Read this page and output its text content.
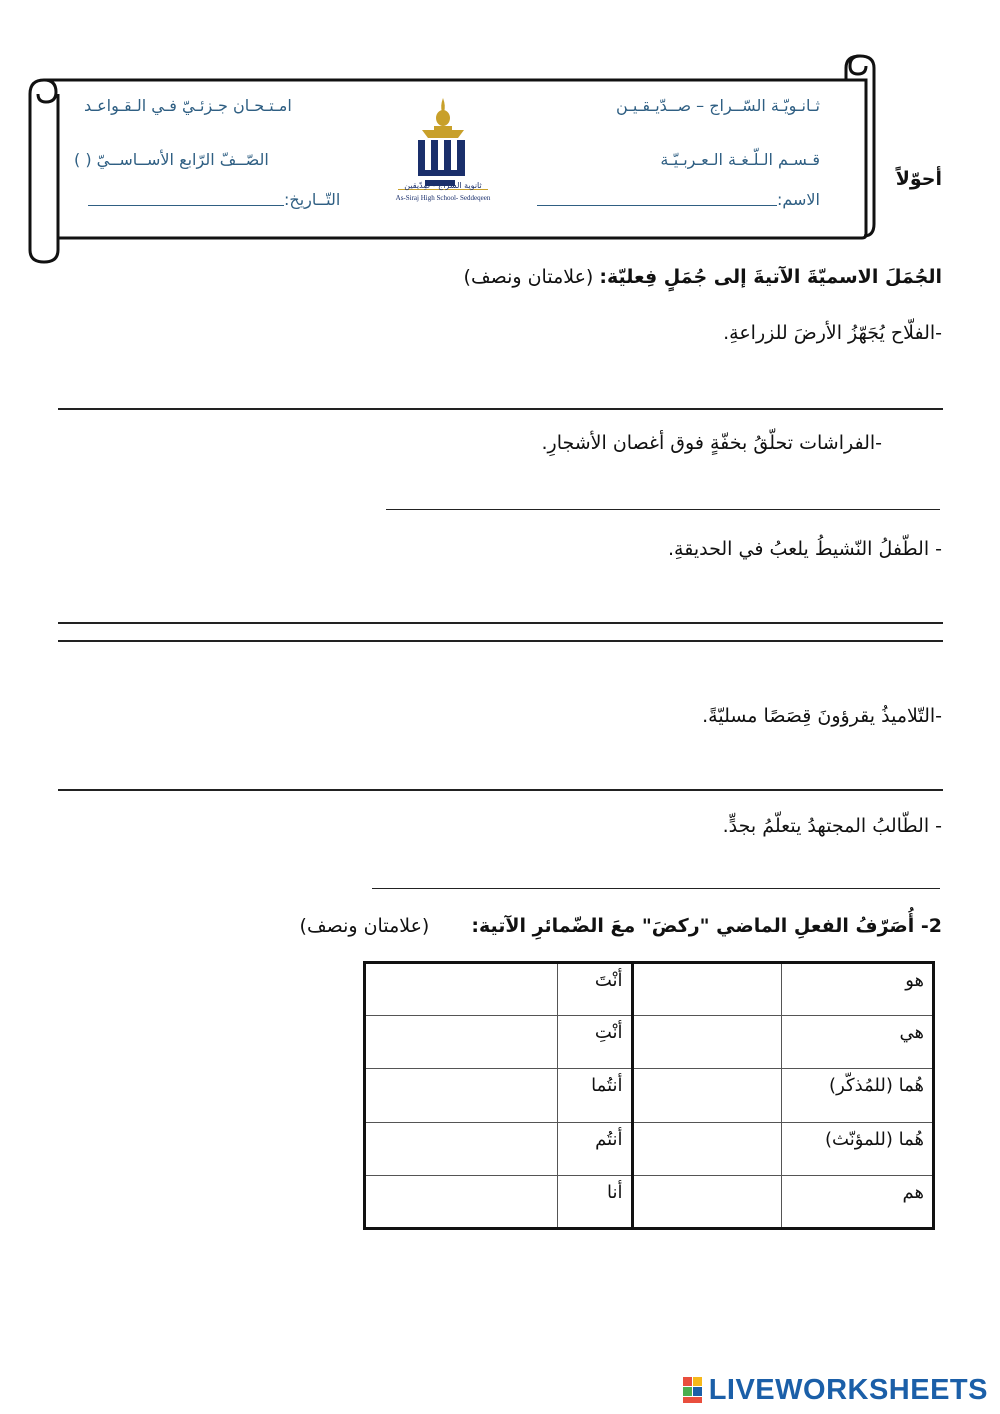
ثـانـويّـة السّــراج – صــدّيـقـيـن
قـسـم الـلّـغـة الـعـربـيّـة
الاسم:
امـتـحـان جـزئـيّ فـي الـقـواعـد
الصّــفّ الرّابع الأســاســيّ ( )
التّــاريخ:
ثانوية السّراج - صِدّيقين
As-Siraj High School- Seddeqeen
أحوّلاً
الجُمَلَ الاسميّةَ الآتيةَ إلى جُمَلٍ فِعليّة: (علامتان ونصف)
-الفلّاح يُجَهّزُ الأرضَ للزراعةِ.
-الفراشات تحلّقُ بخفّةٍ فوق أغصان الأشجارِ.
- الطّفلُ النّشيطُ يلعبُ في الحديقةِ.
-التّلاميذُ يقرؤونَ قِصَصًا مسليّةً.
- الطّالبُ المجتهدُ يتعلّمُ بجدٍّ.
2- أُصَرّفُ الفعلِ الماضي "ركضَ" معَ الضّمائرِ الآتية: (علامتان ونصف)
هو		أنْتَ	
هي		أنْتِ	
هُما (للمُذكّر)		أنتُما	
هُما (للمؤنّث)		أنتُم	
هم		أنا	
LIVEWORKSHEETS
